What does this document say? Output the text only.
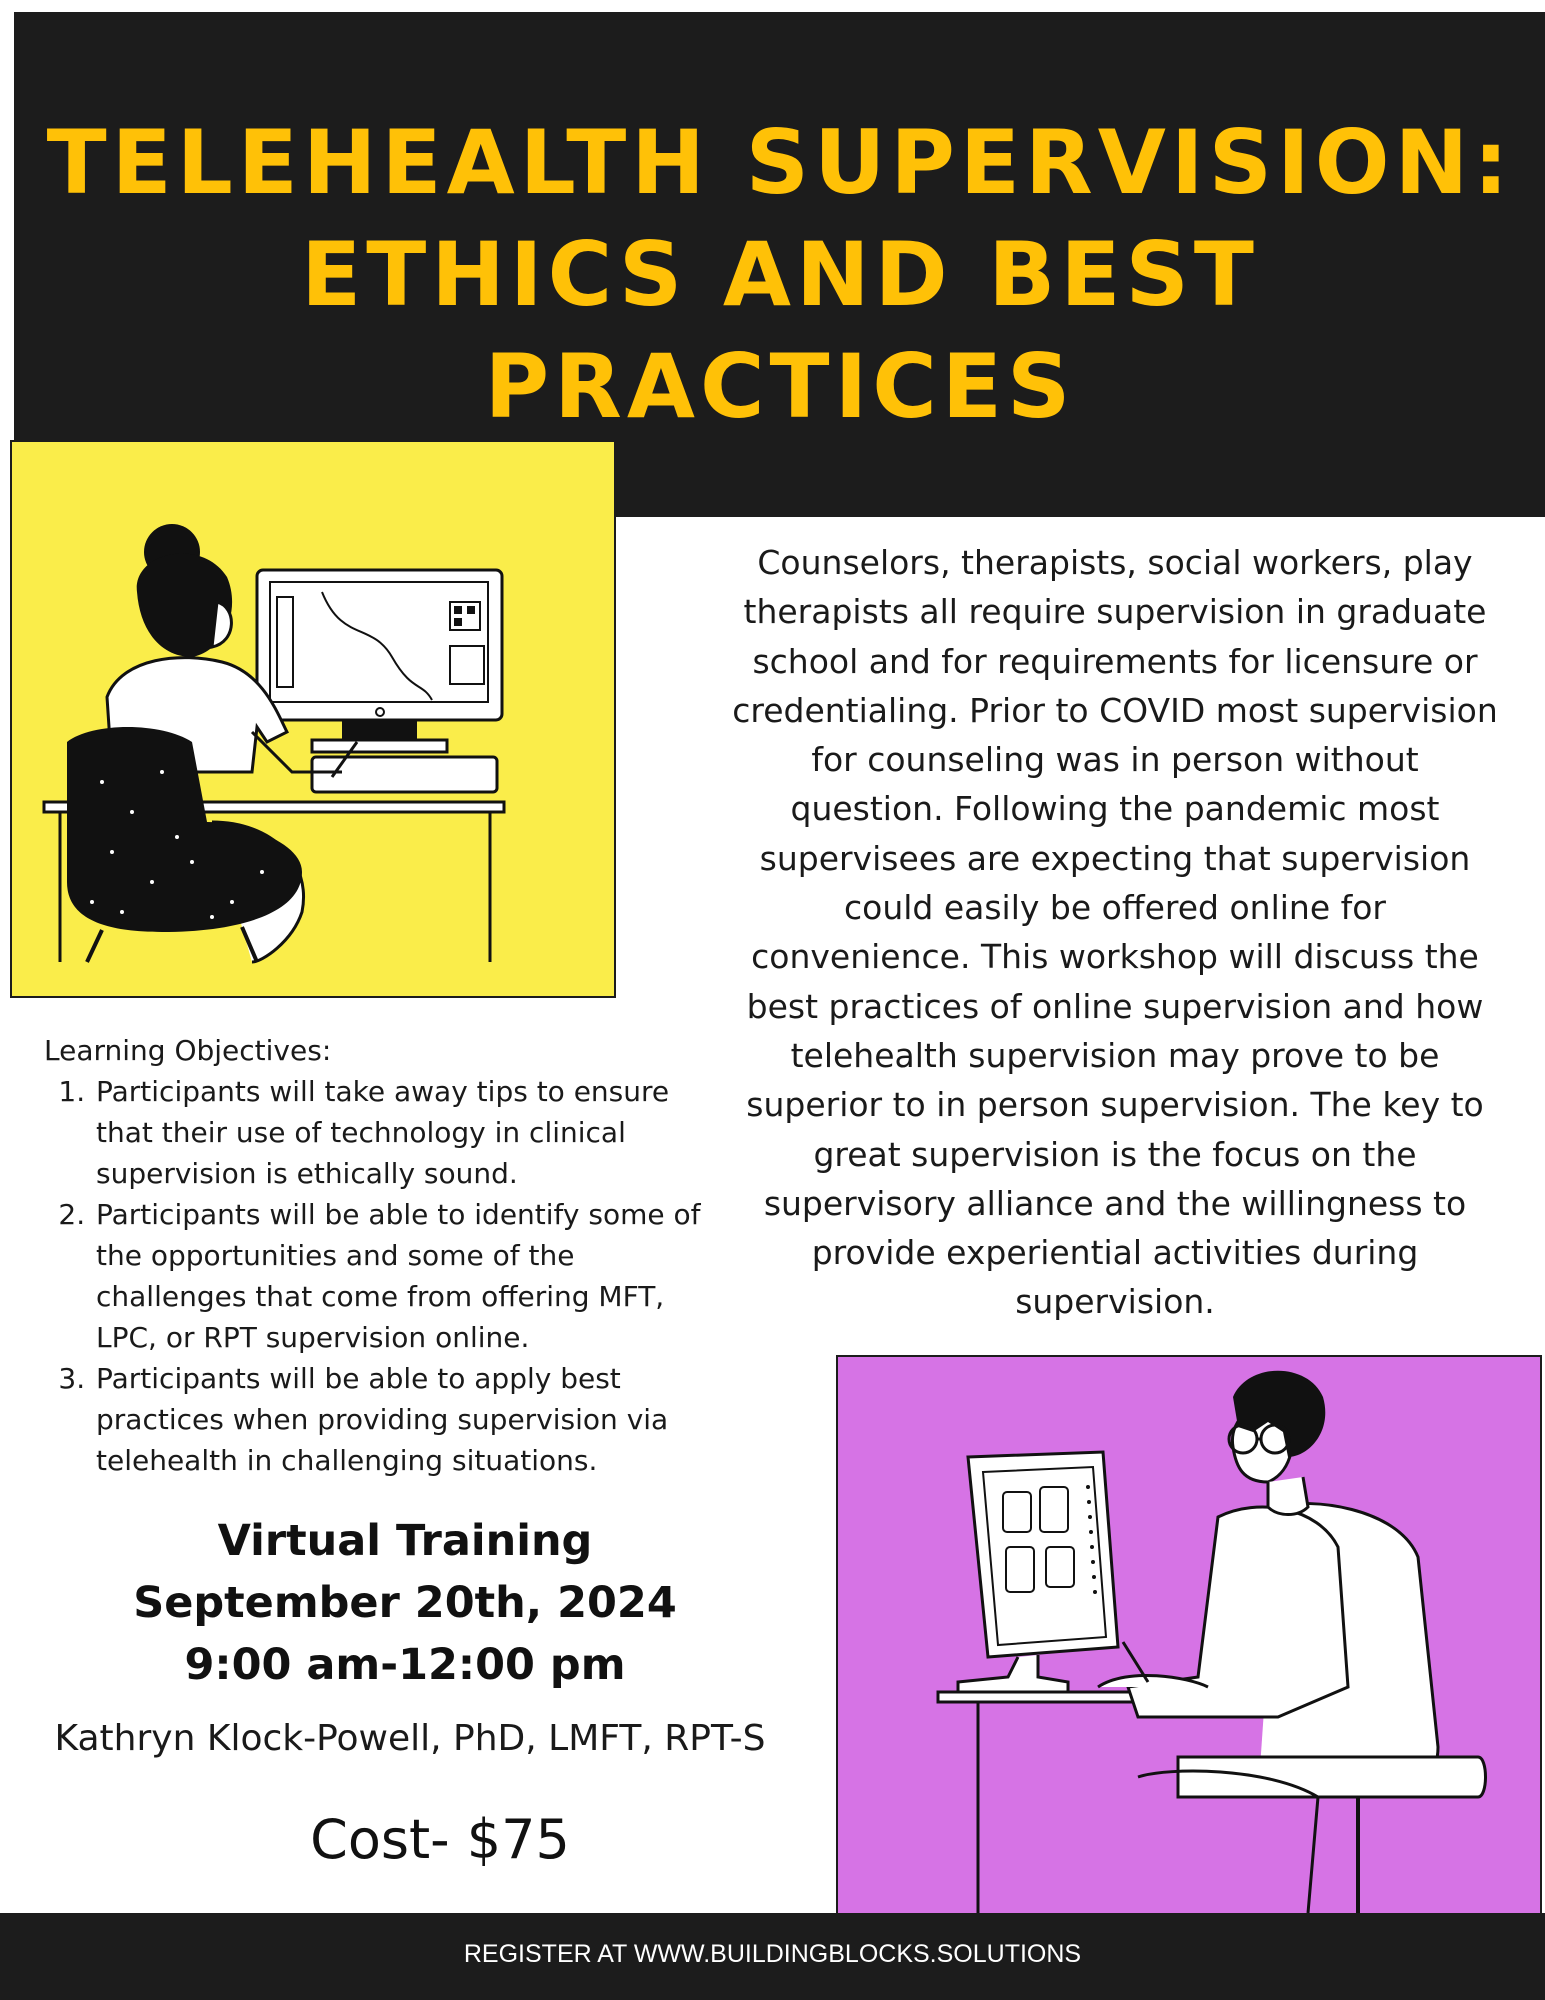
TELEHEALTH SUPERVISION:
ETHICS AND BEST
PRACTICES
Counselors, therapists, social workers, play therapists all require supervision in graduate school and for requirements for licensure or credentialing. Prior to COVID most supervision for counseling was in person without question. Following the pandemic most supervisees are expecting that supervision could easily be offered online for convenience. This workshop will discuss the best practices of online supervision and how telehealth supervision may prove to be superior to in person supervision. The key to great supervision is the focus on the supervisory alliance and the willingness to provide experiential activities during supervision.

Learning Objectives:

1. Participants will take away tips to ensure that their use of technology in clinical supervision is ethically sound.
2. Participants will be able to identify some of the opportunities and some of the challenges that come from offering MFT, LPC, or RPT supervision online.
3. Participants will be able to apply best practices when providing supervision via telehealth in challenging situations.
Virtual Training
September 20th, 2024
9:00 am-12:00 pm
Kathryn Klock-Powell, PhD, LMFT, RPT-S
Cost- $75
REGISTER AT WWW.BUILDINGBLOCKS.SOLUTIONS
